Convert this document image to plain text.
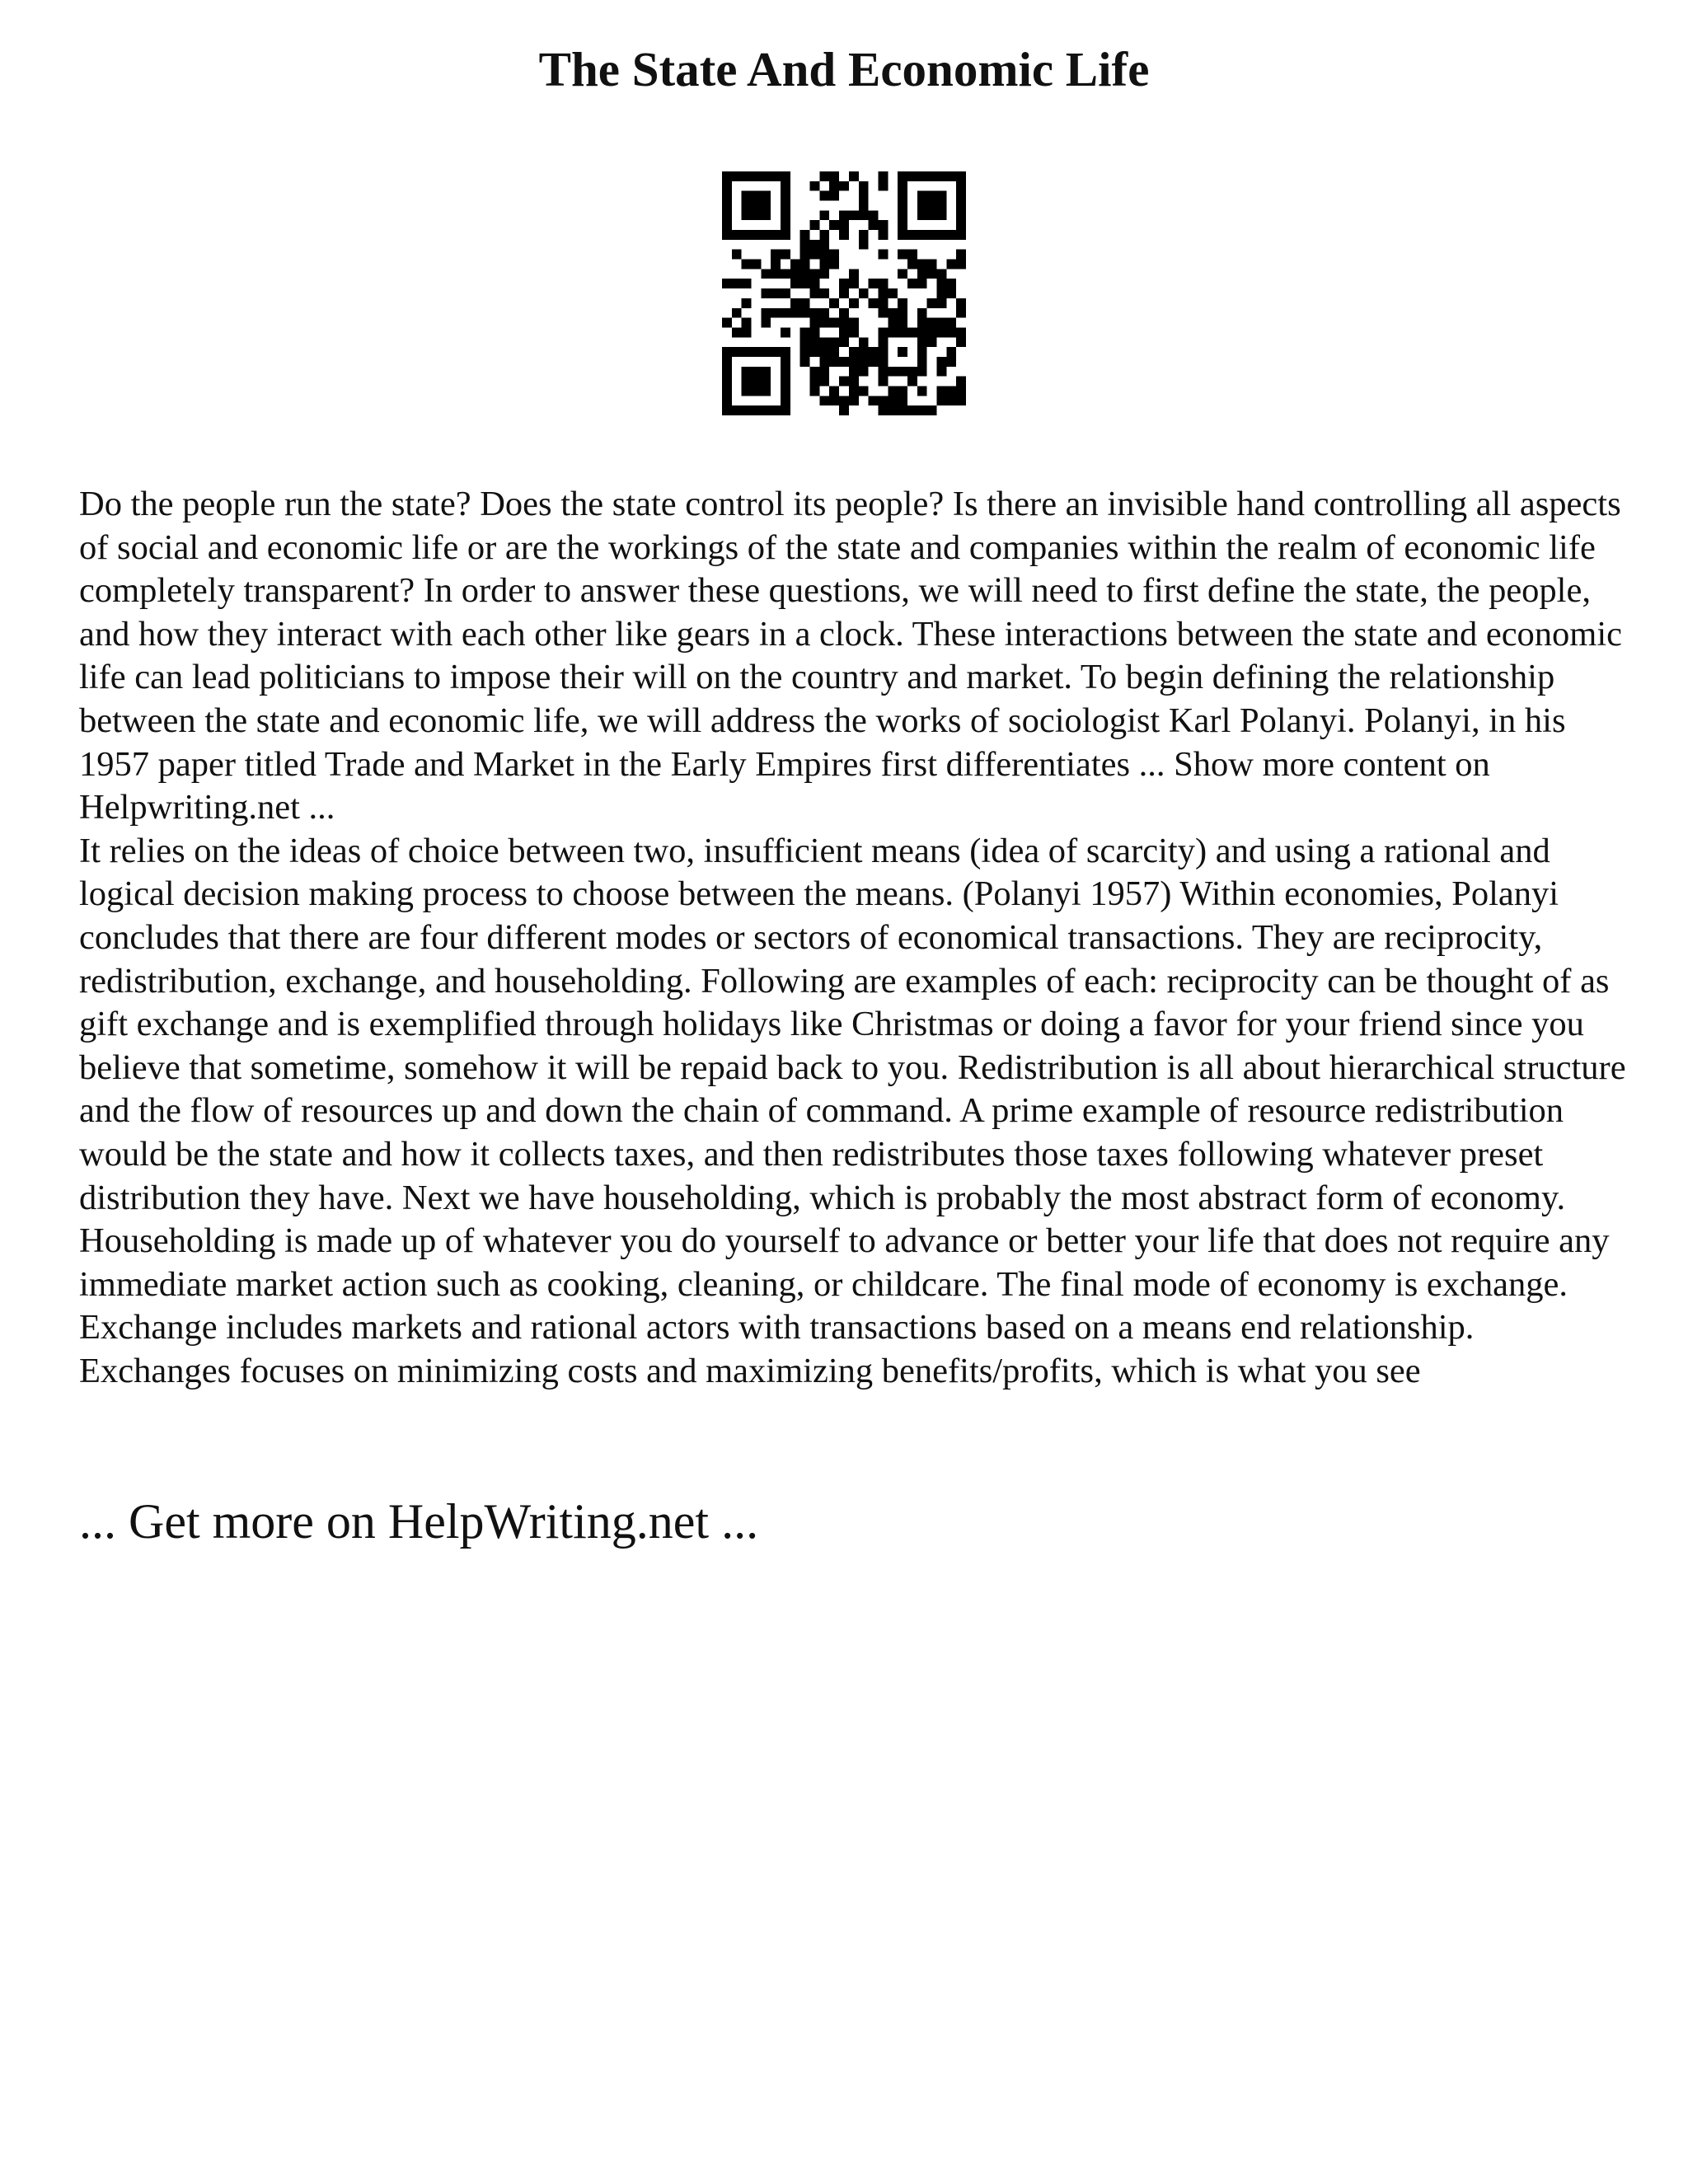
The State And Economic Life

Do the people run the state? Does the state control its people? Is there an invisible hand controlling all aspects of social and economic life or are the workings of the state and companies within the realm of economic life completely transparent? In order to answer these questions, we will need to first define the state, the people, and how they interact with each other like gears in a clock. These interactions between the state and economic life can lead politicians to impose their will on the country and market. To begin defining the relationship between the state and economic life, we will address the works of sociologist Karl Polanyi. Polanyi, in his 1957 paper titled Trade and Market in the Early Empires first differentiates ... Show more content on Helpwriting.net ...

It relies on the ideas of choice between two, insufficient means (idea of scarcity) and using a rational and logical decision making process to choose between the means. (Polanyi 1957) Within economies, Polanyi concludes that there are four different modes or sectors of economical transactions. They are reciprocity, redistribution, exchange, and householding. Following are examples of each: reciprocity can be thought of as gift exchange and is exemplified through holidays like Christmas or doing a favor for your friend since you believe that sometime, somehow it will be repaid back to you. Redistribution is all about hierarchical structure and the flow of resources up and down the chain of command. A prime example of resource redistribution would be the state and how it collects taxes, and then redistributes those taxes following whatever preset distribution they have. Next we have householding, which is probably the most abstract form of economy. Householding is made up of whatever you do yourself to advance or better your life that does not require any immediate market action such as cooking, cleaning, or childcare. The final mode of economy is exchange. Exchange includes markets and rational actors with transactions based on a means end relationship. Exchanges focuses on minimizing costs and maximizing benefits/profits, which is what you see

... Get more on HelpWriting.net ...
